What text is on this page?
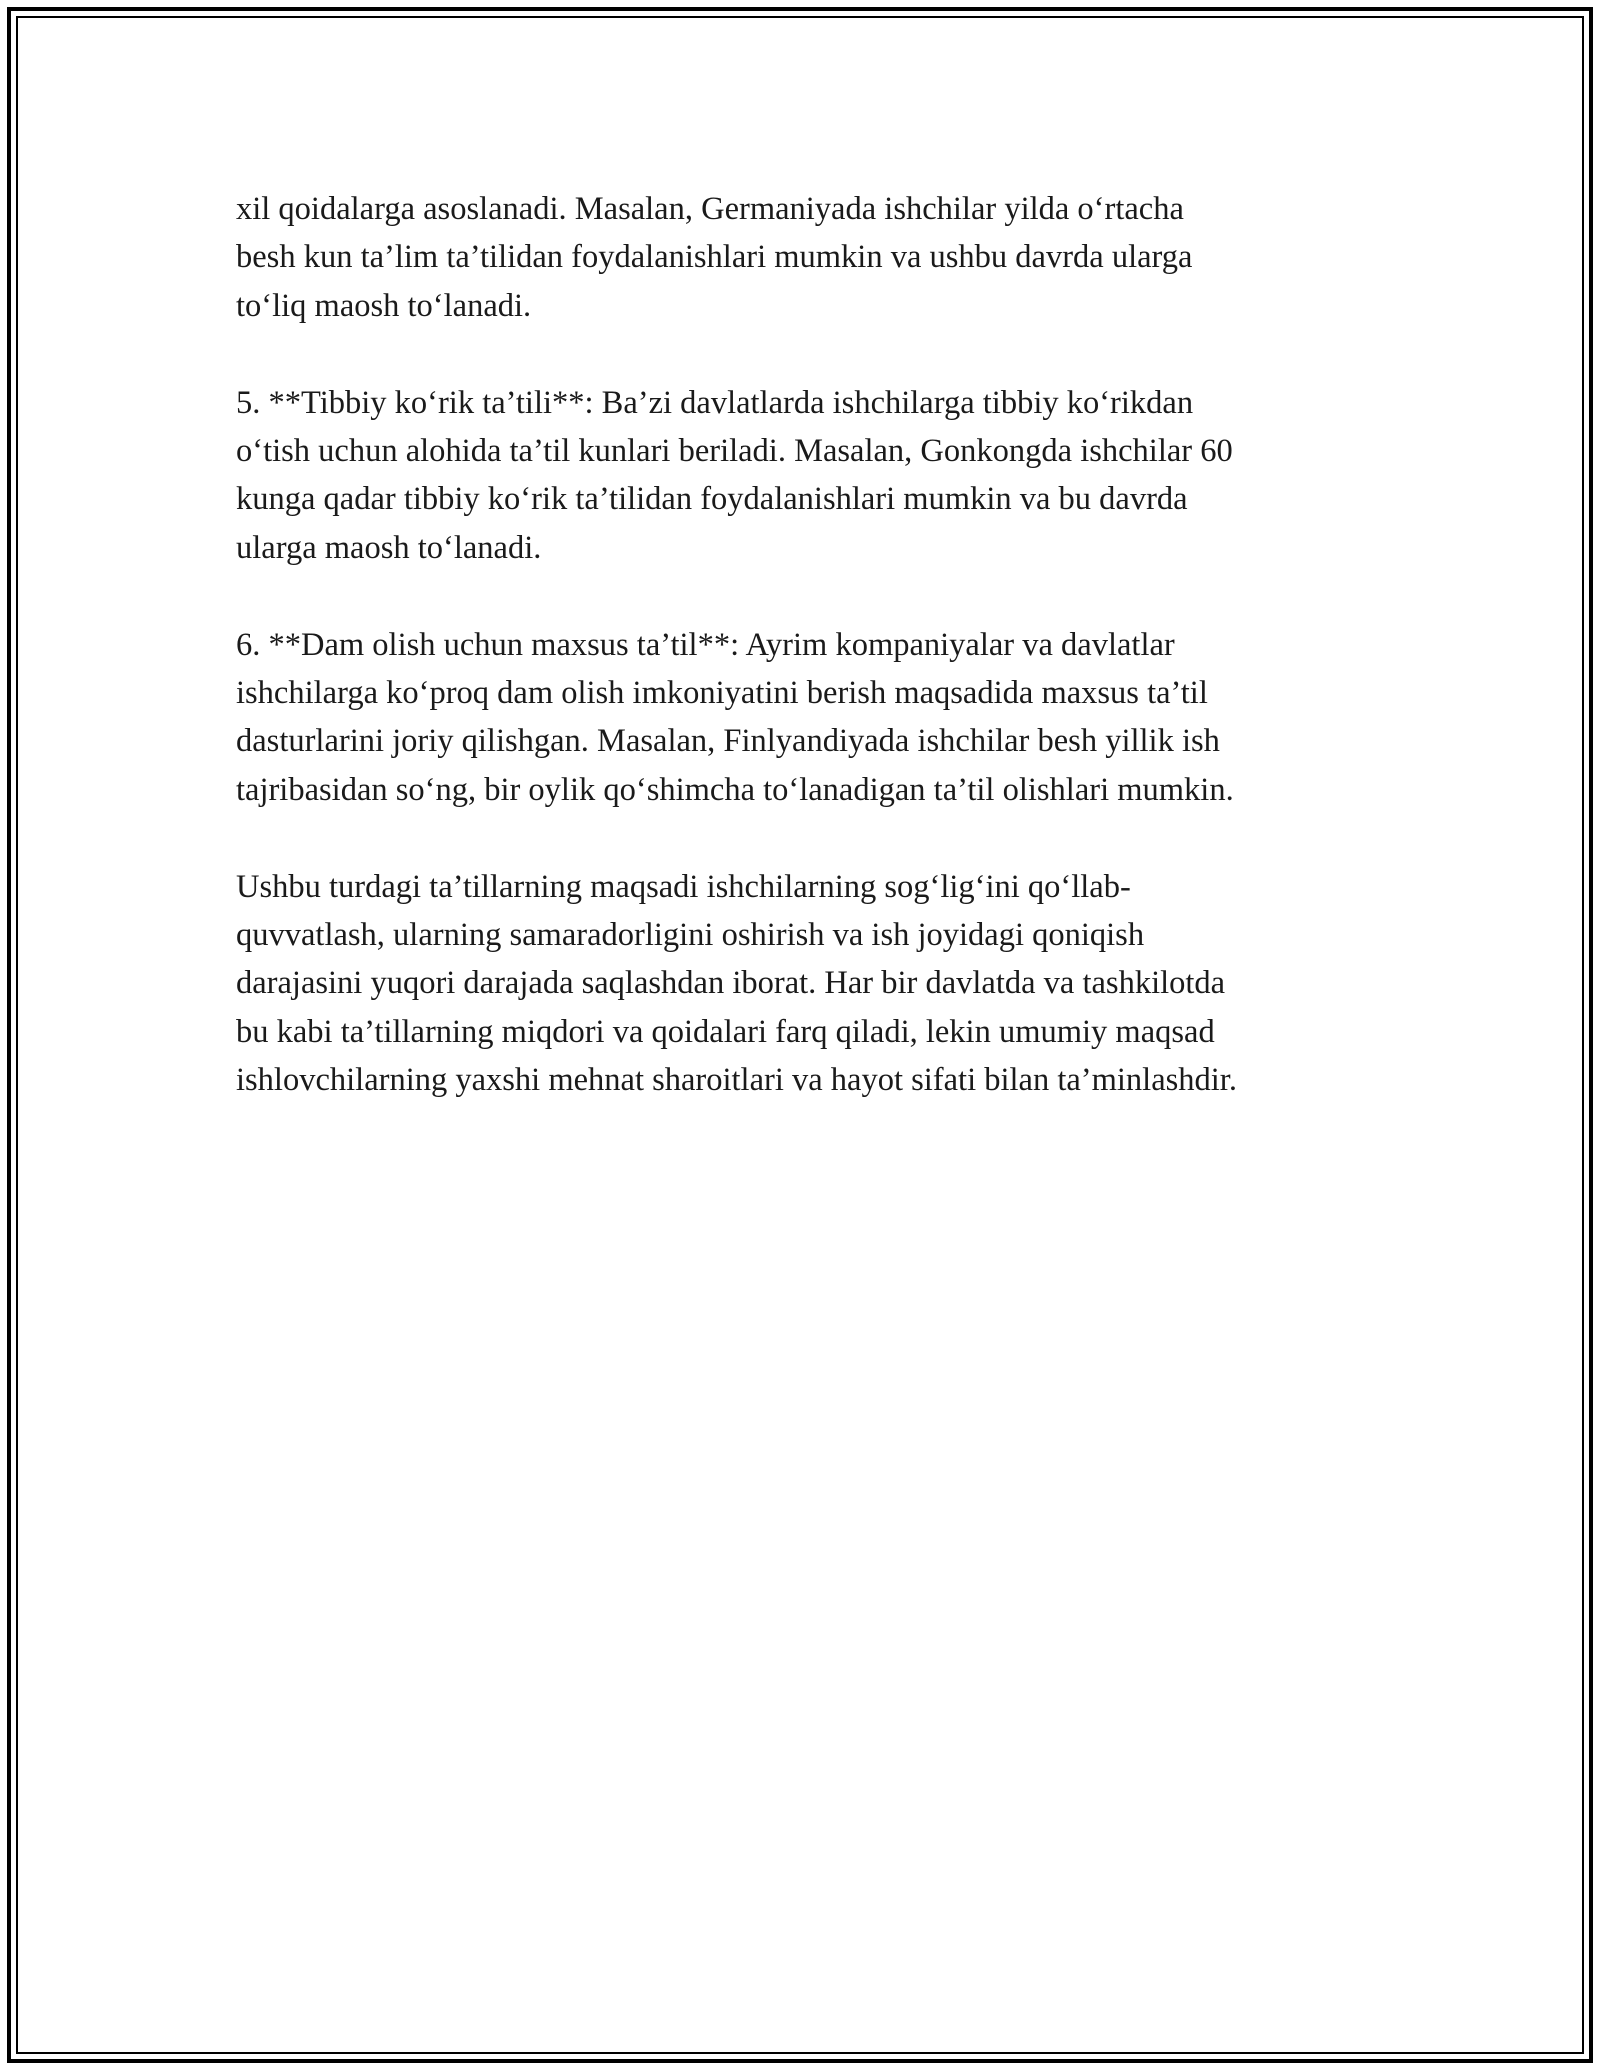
xil qoidalarga asoslanadi. Masalan, Germaniyada ishchilar yilda o‘rtacha
besh kun ta’lim ta’tilidan foydalanishlari mumkin va ushbu davrda ularga
to‘liq maosh to‘lanadi.

5. **Tibbiy ko‘rik ta’tili**: Ba’zi davlatlarda ishchilarga tibbiy ko‘rikdan
o‘tish uchun alohida ta’til kunlari beriladi. Masalan, Gonkongda ishchilar 60
kunga qadar tibbiy ko‘rik ta’tilidan foydalanishlari mumkin va bu davrda
ularga maosh to‘lanadi.

6. **Dam olish uchun maxsus ta’til**: Ayrim kompaniyalar va davlatlar
ishchilarga ko‘proq dam olish imkoniyatini berish maqsadida maxsus ta’til
dasturlarini joriy qilishgan. Masalan, Finlyandiyada ishchilar besh yillik ish
tajribasidan so‘ng, bir oylik qo‘shimcha to‘lanadigan ta’til olishlari mumkin.

Ushbu turdagi ta’tillarning maqsadi ishchilarning sog‘lig‘ini qo‘llab-
quvvatlash, ularning samaradorligini oshirish va ish joyidagi qoniqish
darajasini yuqori darajada saqlashdan iborat. Har bir davlatda va tashkilotda
bu kabi ta’tillarning miqdori va qoidalari farq qiladi, lekin umumiy maqsad
ishlovchilarning yaxshi mehnat sharoitlari va hayot sifati bilan ta’minlashdir.
